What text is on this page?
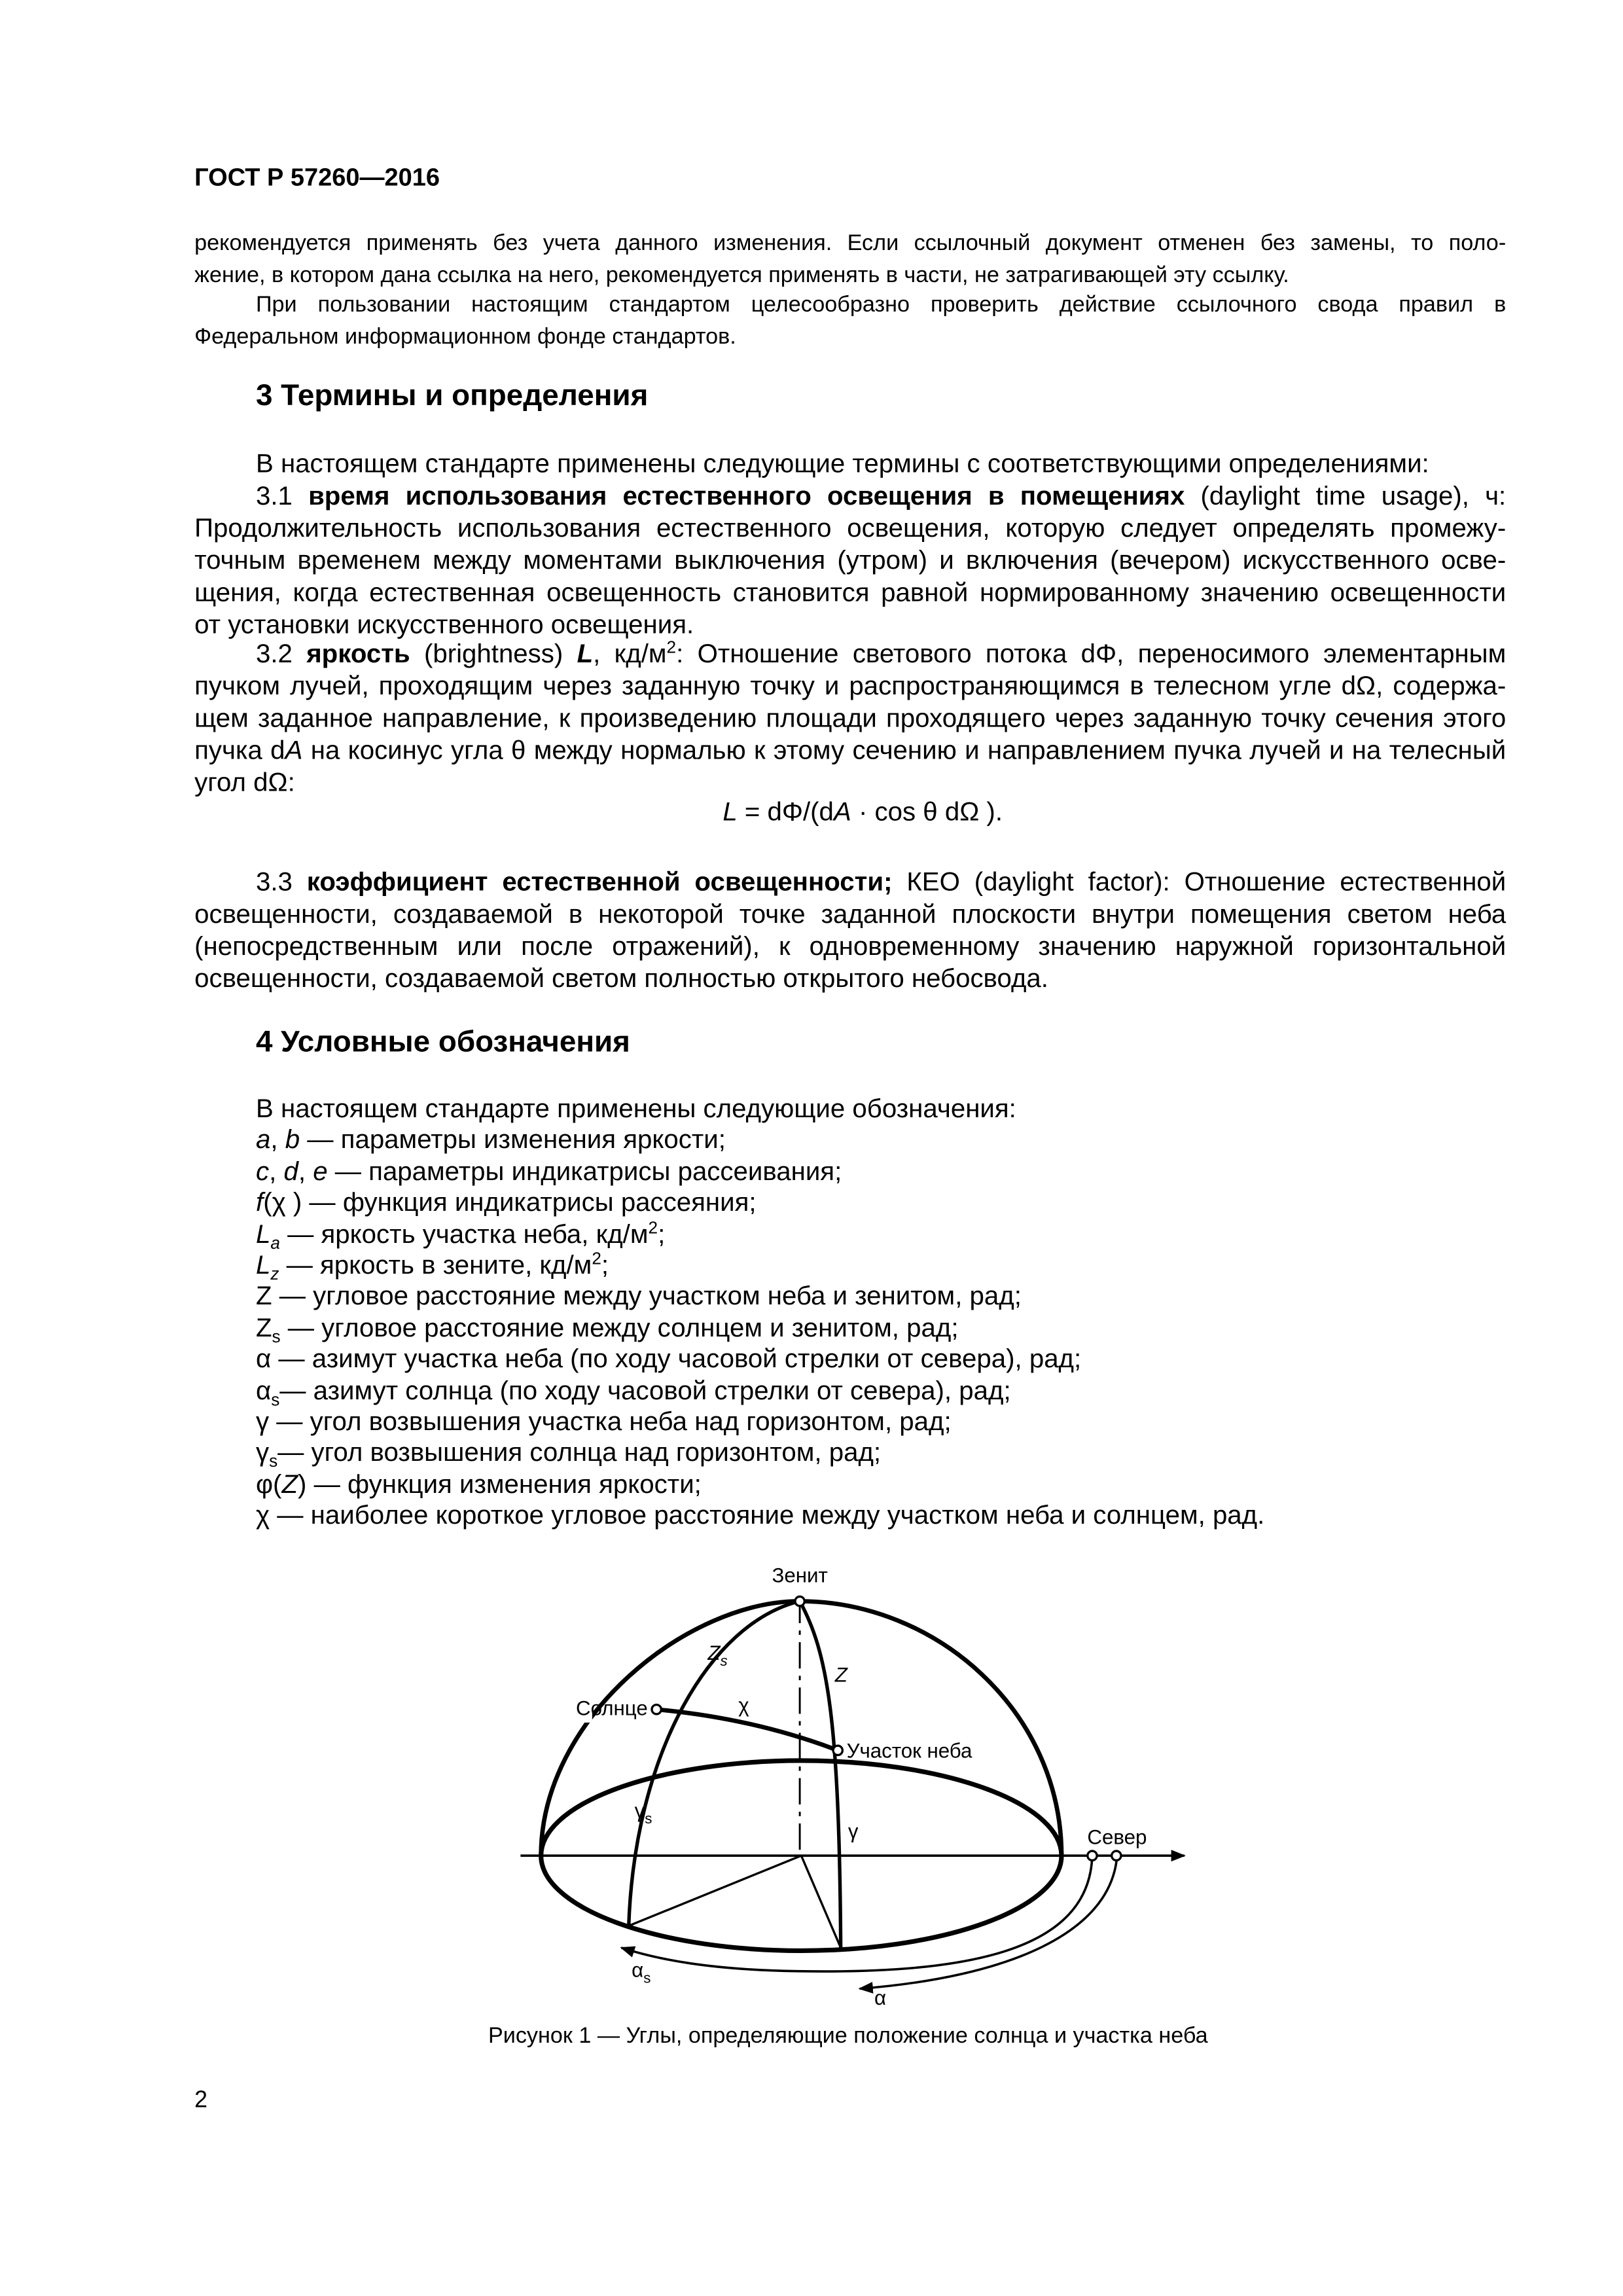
ГОСТ Р 57260—2016
рекомендуется применять без учета данного изменения. Если ссылочный документ отменен без замены, то поло-
жение, в котором дана ссылка на него, рекомендуется применять в части, не затрагивающей эту ссылку.
При пользовании настоящим стандартом целесообразно проверить действие ссылочного свода правил в
Федеральном информационном фонде стандартов.
3 Термины и определения
В настоящем стандарте применены следующие термины с соответствующими определениями:
3.1 время использования естественного освещения в помещениях (daylight time usage), ч:
Продолжительность использования естественного освещения, которую следует определять промежу-
точным временем между моментами выключения (утром) и включения (вечером) искусственного осве-
щения, когда естественная освещенность становится равной нормированному значению освещенности
от установки искусственного освещения.
3.2 яркость (brightness) L, $кд/м^2$: Отношение светового потока dΦ, переносимого элементарным
пучком лучей, проходящим через заданную точку и распространяющимся в телесном угле dΩ, содержа-
щем заданное направление, к произведению площади проходящего через заданную точку сечения этого
пучка dA на косинус угла θ между нормалью к этому сечению и направлением пучка лучей и на телесный
угол dΩ:
L = dΦ/(dA · cos θ dΩ ).
3.3 коэффициент естественной освещенности; КЕО (daylight factor): Отношение естественной
освещенности, создаваемой в некоторой точке заданной плоскости внутри помещения светом неба
(непосредственным или после отражений), к одновременному значению наружной горизонтальной
освещенности, создаваемой светом полностью открытого небосвода.
4 Условные обозначения
В настоящем стандарте применены следующие обозначения:
a, b — параметры изменения яркости;
c, d, e — параметры индикатрисы рассеивания;
f(χ ) — функция индикатрисы рассеяния;
$L_a$ — яркость участка неба, $кд/м^2$;
$L_z$ — яркость в зените, $кд/м^2$;
Z — угловое расстояние между участком неба и зенитом, рад;
$Z_s$ — угловое расстояние между солнцем и зенитом, рад;
α — азимут участка неба (по ходу часовой стрелки от севера), рад;
$\alpha_s—$ азимут солнца (по ходу часовой стрелки от севера), рад;
γ — угол возвышения участка неба над горизонтом, рад;
$\gamma_s—$ угол возвышения солнца над горизонтом, рад;
φ(Z) — функция изменения яркости;
χ — наиболее короткое угловое расстояние между участком неба и солнцем, рад.
Зенит
Солнце
Участок неба
Север
$Z_s$
Z
χ
$\gamma_s$
γ
$\alpha_s$
α
Рисунок 1 — Углы, определяющие положение солнца и участка неба
2
